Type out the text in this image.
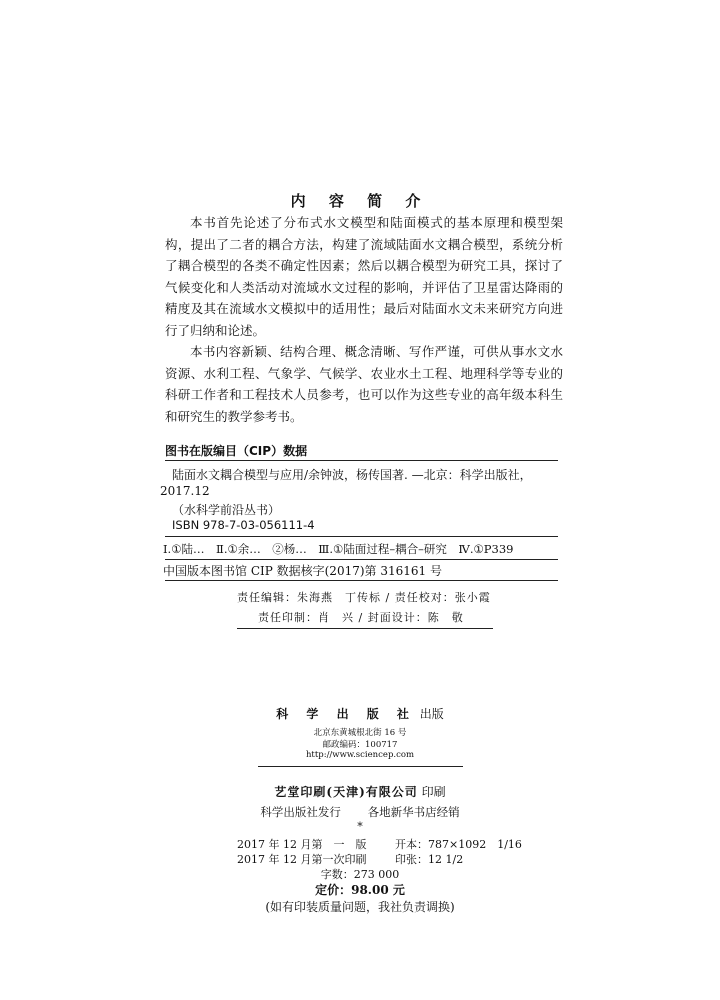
内 容 简 介

本书首先论述了分布式水文模型和陆面模式的基本原理和模型架构，提出了二者的耦合方法，构建了流域陆面水文耦合模型，系统分析了耦合模型的各类不确定性因素；然后以耦合模型为研究工具，探讨了气候变化和人类活动对流域水文过程的影响，并评估了卫星雷达降雨的精度及其在流域水文模拟中的适用性；最后对陆面水文未来研究方向进行了归纳和论述。

本书内容新颖、结构合理、概念清晰、写作严谨，可供从事水文水资源、水利工程、气象学、气候学、农业水土工程、地理科学等专业的科研工作者和工程技术人员参考，也可以作为这些专业的高年级本科生和研究生的教学参考书。

图书在版编目（CIP）数据
陆面水文耦合模型与应用/余钟波，杨传国著. —北京：科学出版社，
2017.12
（水科学前沿丛书）
ISBN 978-7-03-056111-4
Ⅰ.①陆…　Ⅱ.①余…　②杨…　Ⅲ.①陆面过程–耦合–研究　Ⅳ.①P339
中国版本图书馆 CIP 数据核字(2017)第 316161 号
责任编辑：朱海燕　丁传标 / 责任校对：张小霞
责任印制：肖　兴 / 封面设计：陈　敬
科 学 出 版 社 出版
北京东黄城根北街 16 号
邮政编码：100717
http://www.sciencep.com
艺堂印刷(天津)有限公司 印刷
科学出版社发行　　 各地新华书店经销
*
2017 年 12 月第　一　版	开本：787×1092　1/16
2017 年 12 月第一次印刷	印张：12 1/2
字数：273 000
定价：98.00 元
(如有印装质量问题，我社负责调换)
